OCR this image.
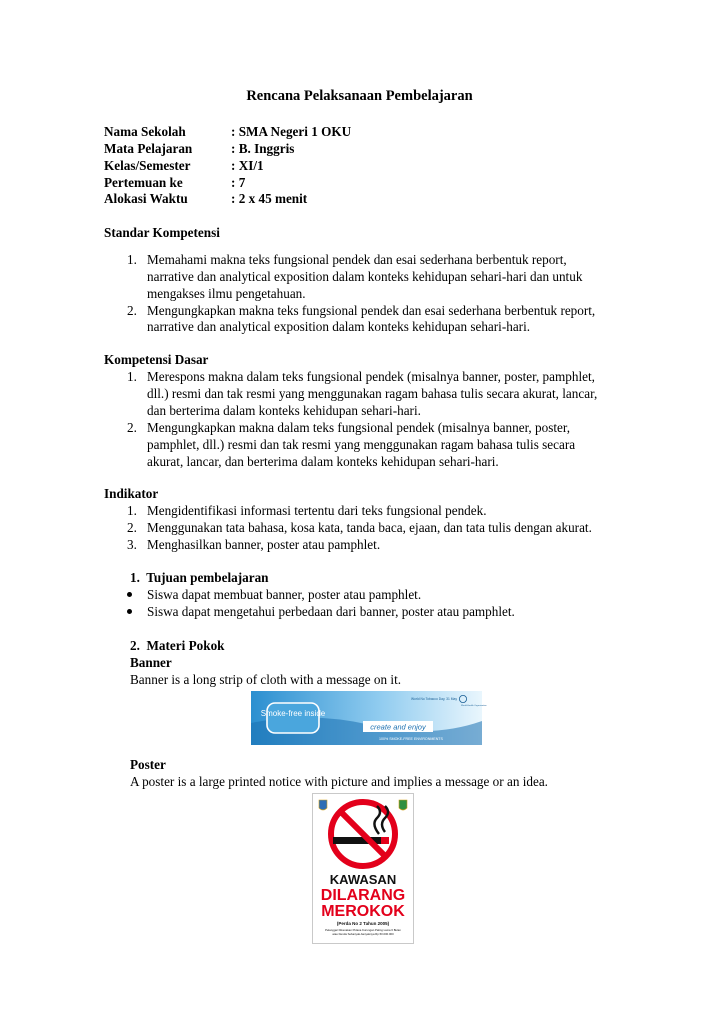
Rencana Pelaksanaan Pembelajaran
Nama Sekolah	: SMA Negeri 1 OKU
Mata Pelajaran	: B. Inggris
Kelas/Semester	: XI/1
Pertemuan ke	: 7
Alokasi Waktu	: 2 x 45 menit
Standar Kompetensi
1. Memahami makna teks fungsional pendek dan esai sederhana berbentuk report,
narrative dan analytical exposition dalam konteks kehidupan sehari-hari dan untuk
mengakses ilmu pengetahuan.
2. Mengungkapkan makna teks fungsional pendek dan esai sederhana berbentuk report,
narrative dan analytical exposition dalam konteks kehidupan sehari-hari.
Kompetensi Dasar
1. Merespons makna dalam teks fungsional pendek (misalnya banner, poster, pamphlet,
dll.) resmi dan tak resmi yang menggunakan ragam bahasa tulis secara akurat, lancar,
dan berterima dalam konteks kehidupan sehari-hari.
2. Mengungkapkan makna dalam teks fungsional pendek (misalnya banner, poster,
pamphlet, dll.) resmi dan tak resmi yang menggunakan ragam bahasa tulis secara
akurat, lancar, dan berterima dalam konteks kehidupan sehari-hari.
Indikator
1. Mengidentifikasi informasi tertentu dari teks fungsional pendek.
2. Menggunakan tata bahasa, kosa kata, tanda baca, ejaan, dan tata tulis dengan akurat.
3. Menghasilkan banner, poster atau pamphlet.
1.  Tujuan pembelajaran
Siswa dapat membuat banner, poster atau pamphlet.
Siswa dapat mengetahui perbedaan dari banner, poster atau pamphlet.
2.  Materi Pokok
Banner
Banner is a long strip of cloth with a message on it.
Smoke-free inside
create and enjoy
100% SMOKE-FREE ENVIRONMENTS
World No Tobacco Day, 31 May
World Health Organization
Poster
A poster is a large printed notice with picture and implies a message or an idea.
KAWASAN
DILARANG
MEROKOK
(Perda No 2 Tahun 2005)
Pelanggar Dikenakan Pidana Kurungan Paling Lama 6 Bulan
atau Denda Sebanyak-banyaknya Rp.50.000.000
